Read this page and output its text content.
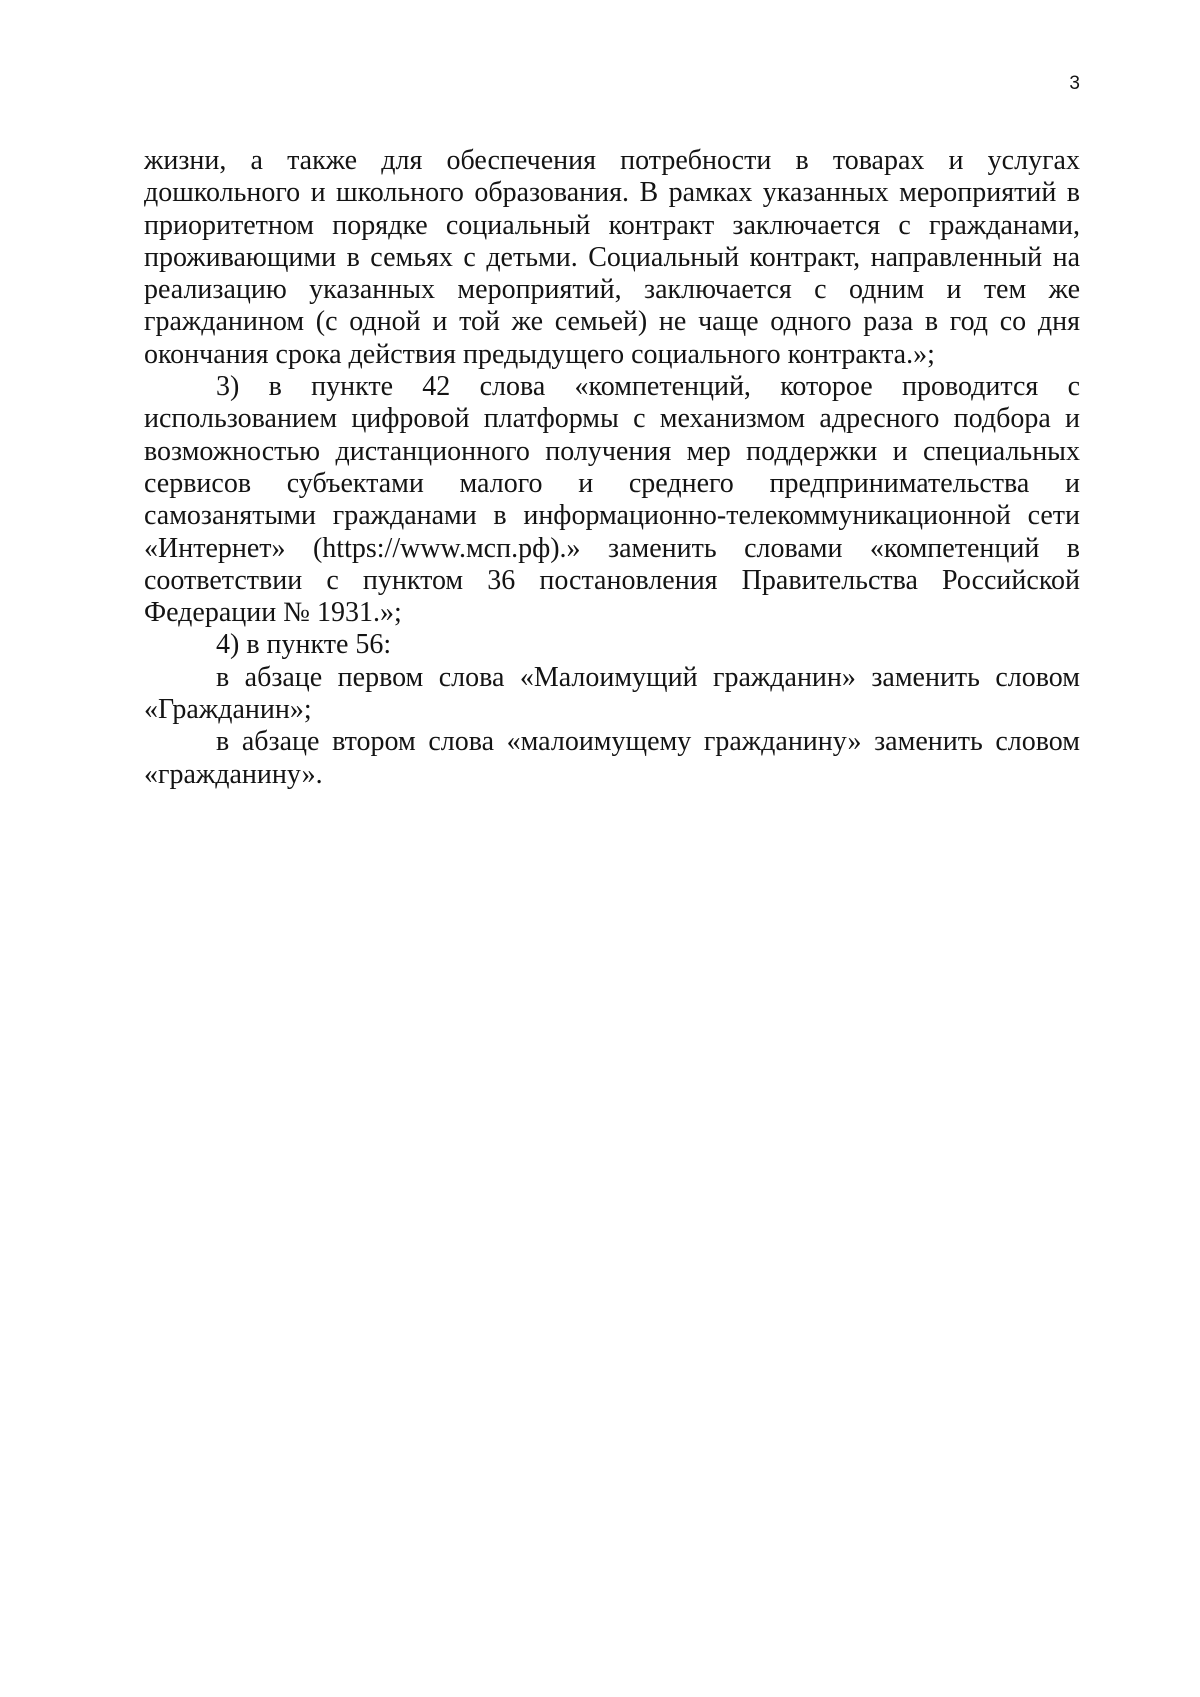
3

жизни, а также для обеспечения потребности в товарах и услугах дошкольного и школьного образования. В рамках указанных мероприятий в приоритетном порядке социальный контракт заключается с гражданами, проживающими в семьях с детьми. Социальный контракт, направленный на реализацию указанных мероприятий, заключается с одним и тем же гражданином (с одной и той же семьей) не чаще одного раза в год со дня окончания срока действия предыдущего социального контракта.»;

3) в пункте 42 слова «компетенций, которое проводится с использованием цифровой платформы с механизмом адресного подбора и возможностью дистанционного получения мер поддержки и специальных сервисов субъектами малого и среднего предпринимательства и самозанятыми гражданами в информационно-телекоммуникационной сети «Интернет» (https://www.мсп.рф).» заменить словами «компетенций в соответствии с пунктом 36 постановления Правительства Российской Федерации № 1931.»;

4) в пункте 56:

в абзаце первом слова «Малоимущий гражданин» заменить словом «Гражданин»;

в абзаце втором слова «малоимущему гражданину» заменить словом «гражданину».
